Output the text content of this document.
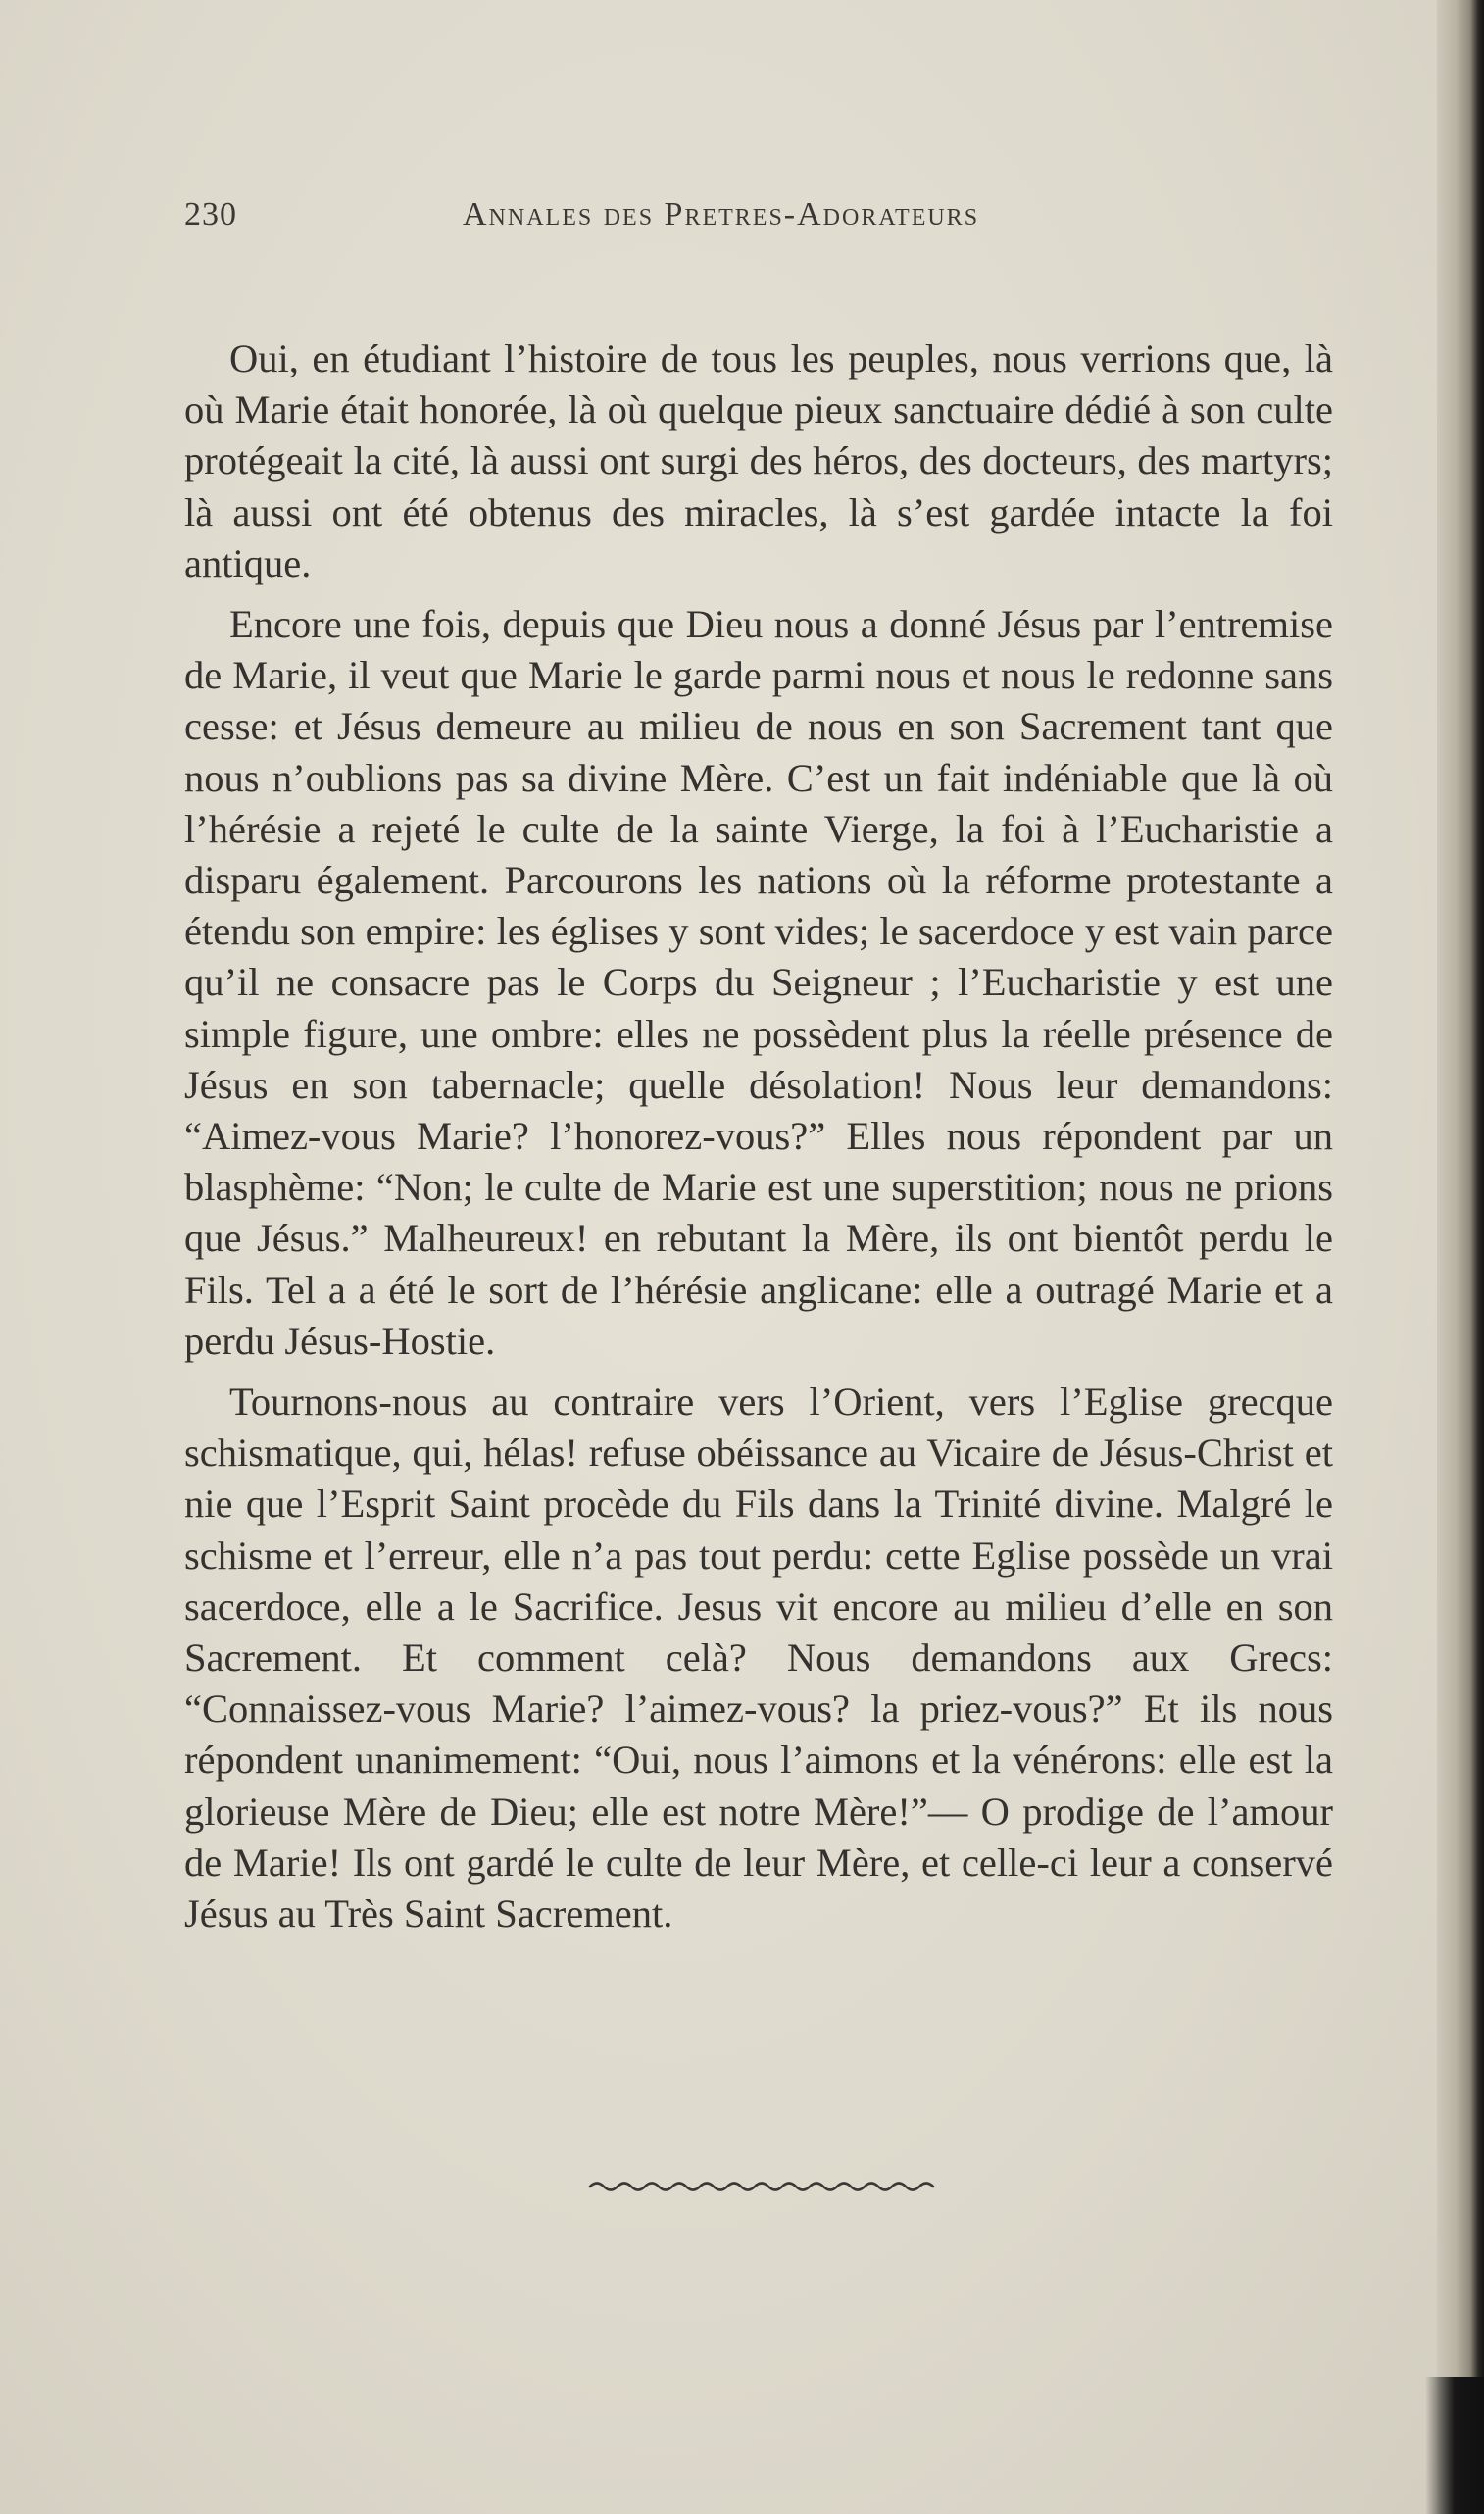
230	Annales des Pretres-Adorateurs

Oui, en étudiant l’histoire de tous les peuples, nous verrions que, là où Marie était honorée, là où quelque pieux sanctuaire dédié à son culte protégeait la cité, là aussi ont surgi des héros, des docteurs, des martyrs; là aussi ont été obtenus des miracles, là s’est gardée intacte la foi antique.

Encore une fois, depuis que Dieu nous a donné Jésus par l’entremise de Marie, il veut que Marie le garde parmi nous et nous le redonne sans cesse: et Jésus demeure au milieu de nous en son Sacrement tant que nous n’oublions pas sa divine Mère. C’est un fait indéniable que là où l’hérésie a rejeté le culte de la sainte Vierge, la foi à l’Eucharistie a disparu également. Parcourons les nations où la réforme protestante a étendu son empire: les églises y sont vides; le sacerdoce y est vain parce qu’il ne consacre pas le Corps du Seigneur ; l’Eucharistie y est une simple figure, une ombre: elles ne possèdent plus la réelle présence de Jésus en son tabernacle; quelle désolation! Nous leur demandons: “Aimez-vous Marie? l’honorez-vous?” Elles nous répondent par un blasphème: “Non; le culte de Marie est une superstition; nous ne prions que Jésus.” Malheureux! en rebutant la Mère, ils ont bientôt perdu le Fils. Tel a a été le sort de l’hérésie anglicane: elle a outragé Marie et a perdu Jésus-Hostie.

Tournons-nous au contraire vers l’Orient, vers l’Eglise grecque schismatique, qui, hélas! refuse obéissance au Vicaire de Jésus-Christ et nie que l’Esprit Saint procède du Fils dans la Trinité divine. Malgré le schisme et l’erreur, elle n’a pas tout perdu: cette Eglise possède un vrai sacerdoce, elle a le Sacrifice. Jesus vit encore au milieu d’elle en son Sacrement. Et comment celà? Nous demandons aux Grecs: “Connaissez-vous Marie? l’aimez-vous? la priez-vous?” Et ils nous répondent unanimement: “Oui, nous l’aimons et la vénérons: elle est la glorieuse Mère de Dieu; elle est notre Mère!”— O prodige de l’amour de Marie! Ils ont gardé le culte de leur Mère, et celle-ci leur a conservé Jésus au Très Saint Sacrement.
